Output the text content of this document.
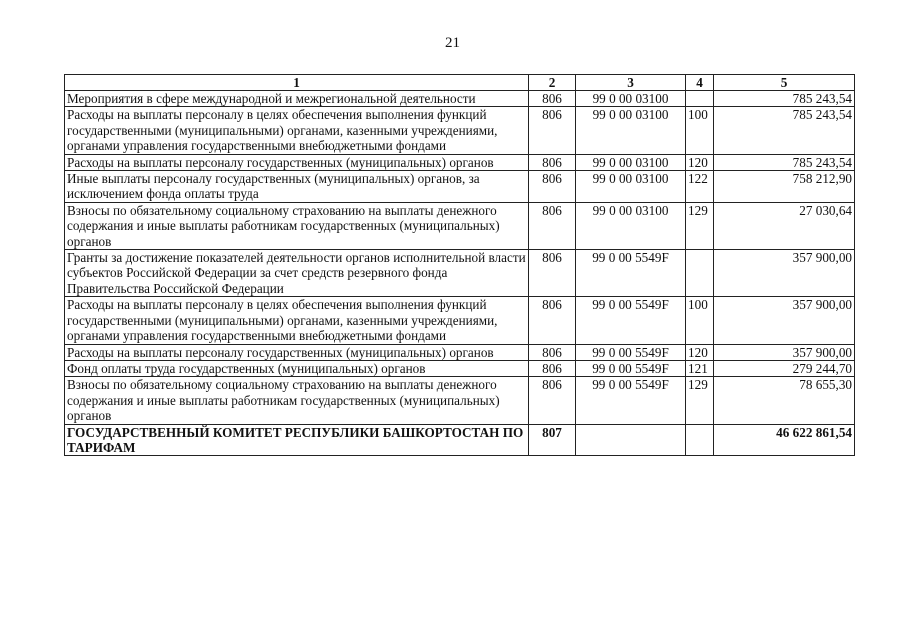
21
1	2	3	4	5
Мероприятия в сфере международной и межрегиональной деятельности	806	99 0 00 03100		785 243,54
Расходы на выплаты персоналу в целях обеспечения выполнения функций государственными (муниципальными) органами, казенными учреждениями, органами управления государственными внебюджетными фондами	806	99 0 00 03100	100	785 243,54
Расходы на выплаты персоналу государственных (муниципальных) органов	806	99 0 00 03100	120	785 243,54
Иные выплаты персоналу государственных (муниципальных) органов, за исключением фонда оплаты труда	806	99 0 00 03100	122	758 212,90
Взносы по обязательному социальному страхованию на выплаты денежного содержания и иные выплаты работникам государственных (муниципальных) органов	806	99 0 00 03100	129	27 030,64
Гранты за достижение показателей деятельности органов исполнительной власти субъектов Российской Федерации за счет средств резервного фонда Правительства Российской Федерации	806	99 0 00 5549F		357 900,00
Расходы на выплаты персоналу в целях обеспечения выполнения функций государственными (муниципальными) органами, казенными учреждениями, органами управления государственными внебюджетными фондами	806	99 0 00 5549F	100	357 900,00
Расходы на выплаты персоналу государственных (муниципальных) органов	806	99 0 00 5549F	120	357 900,00
Фонд оплаты труда государственных (муниципальных) органов	806	99 0 00 5549F	121	279 244,70
Взносы по обязательному социальному страхованию на выплаты денежного содержания и иные выплаты работникам государственных (муниципальных) органов	806	99 0 00 5549F	129	78 655,30
ГОСУДАРСТВЕННЫЙ КОМИТЕТ РЕСПУБЛИКИ БАШКОРТОСТАН ПО ТАРИФАМ	807			46 622 861,54
